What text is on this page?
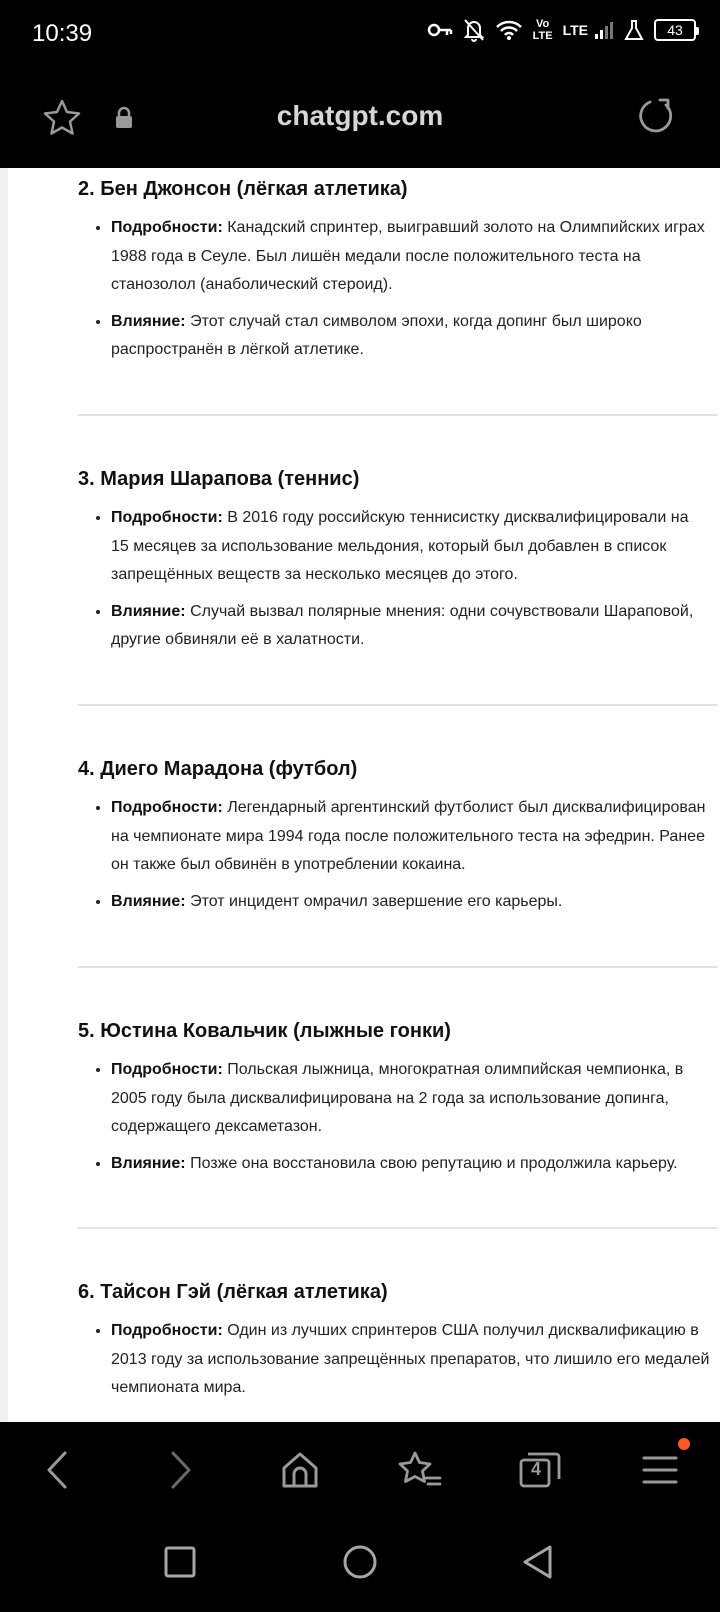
10:39	Vo
LTE LTE	43
chatgpt.com
2. Бен Джонсон (лёгкая атлетика)
• Подробности: Канадский спринтер, выигравший золото на Олимпийских играх 1988 года в Сеуле. Был лишён медали после положительного теста на станозолол (анаболический стероид).
• Влияние: Этот случай стал символом эпохи, когда допинг был широко распространён в лёгкой атлетике.
3. Мария Шарапова (теннис)
• Подробности: В 2016 году российскую теннисистку дисквалифицировали на 15 месяцев за использование мельдония, который был добавлен в список запрещённых веществ за несколько месяцев до этого.
• Влияние: Случай вызвал полярные мнения: одни сочувствовали Шараповой, другие обвиняли её в халатности.
4. Диего Марадона (футбол)
• Подробности: Легендарный аргентинский футболист был дисквалифицирован на чемпионате мира 1994 года после положительного теста на эфедрин. Ранее он также был обвинён в употреблении кокаина.
• Влияние: Этот инцидент омрачил завершение его карьеры.
5. Юстина Ковальчик (лыжные гонки)
• Подробности: Польская лыжница, многократная олимпийская чемпионка, в 2005 году была дисквалифицирована на 2 года за использование допинга, содержащего дексаметазон.
• Влияние: Позже она восстановила свою репутацию и продолжила карьеру.
6. Тайсон Гэй (лёгкая атлетика)
• Подробности: Один из лучших спринтеров США получил дисквалификацию в 2013 году за использование запрещённых препаратов, что лишило его медалей чемпионата мира.
4
